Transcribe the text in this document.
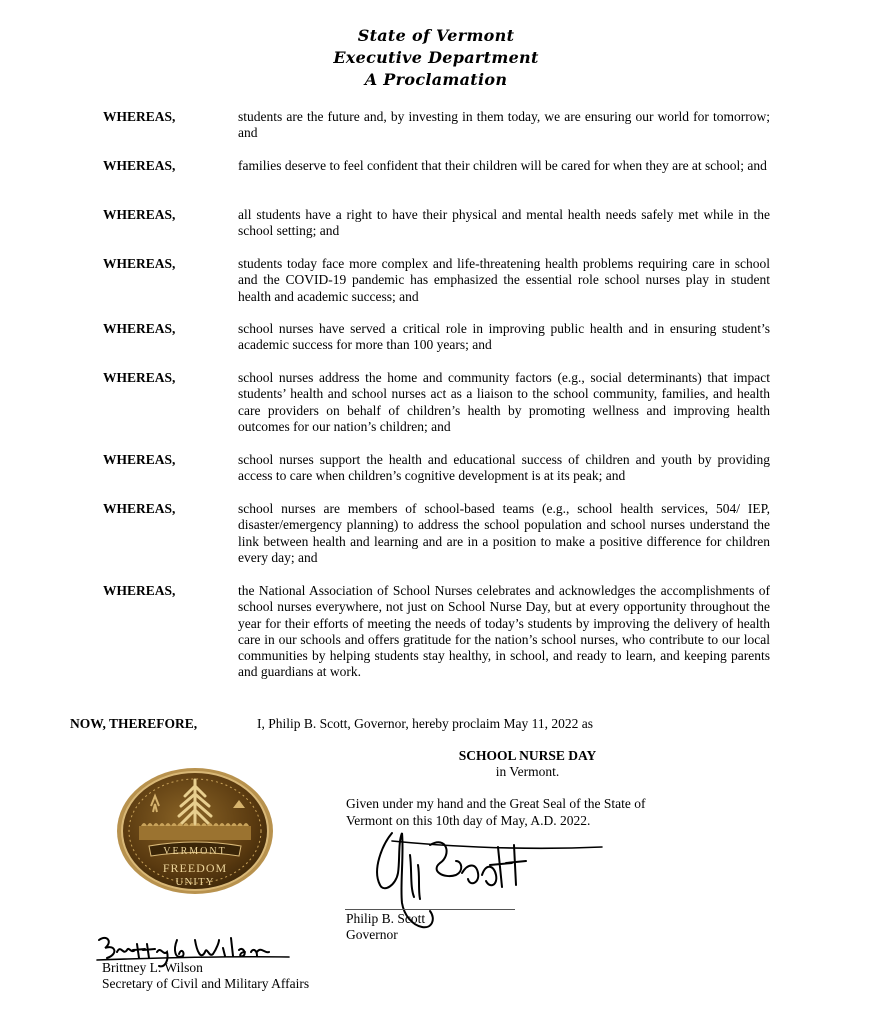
State of Vermont
Executive Department
A Proclamation
WHEREAS,	students are the future and, by investing in them today, we are ensuring our world for tomorrow; and
WHEREAS,	families deserve to feel confident that their children will be cared for when they are at school; and
WHEREAS,	all students have a right to have their physical and mental health needs safely met while in the school setting; and
WHEREAS,	students today face more complex and life-threatening health problems requiring care in school and the COVID-19 pandemic has emphasized the essential role school nurses play in student health and academic success; and
WHEREAS,	school nurses have served a critical role in improving public health and in ensuring student’s academic success for more than 100 years; and
WHEREAS,	school nurses address the home and community factors (e.g., social determinants) that impact students’ health and school nurses act as a liaison to the school community, families, and health care providers on behalf of children’s health by promoting wellness and improving health outcomes for our nation’s children; and
WHEREAS,	school nurses support the health and educational success of children and youth by providing access to care when children’s cognitive development is at its peak; and
WHEREAS,	school nurses are members of school-based teams (e.g., school health services, 504/ IEP, disaster/emergency planning) to address the school population and school nurses understand the link between health and learning and are in a position to make a positive difference for children every day; and
WHEREAS,	the National Association of School Nurses celebrates and acknowledges the accomplishments of school nurses everywhere, not just on School Nurse Day, but at every opportunity throughout the year for their efforts of meeting the needs of today’s students by improving the delivery of health care in our schools and offers gratitude for the nation’s school nurses, who contribute to our local communities by helping students stay healthy, in school, and ready to learn, and keeping parents and guardians at work.
NOW, THEREFORE,	I, Philip B. Scott, Governor, hereby proclaim May 11, 2022 as
SCHOOL NURSE DAY
in Vermont.
VERMONT
FREEDOM
UNITY
Given under my hand and the Great Seal of the State of
Vermont on this 10th day of May, A.D. 2022.
Philip B. Scott
Governor
Brittney L. Wilson
Secretary of Civil and Military Affairs
